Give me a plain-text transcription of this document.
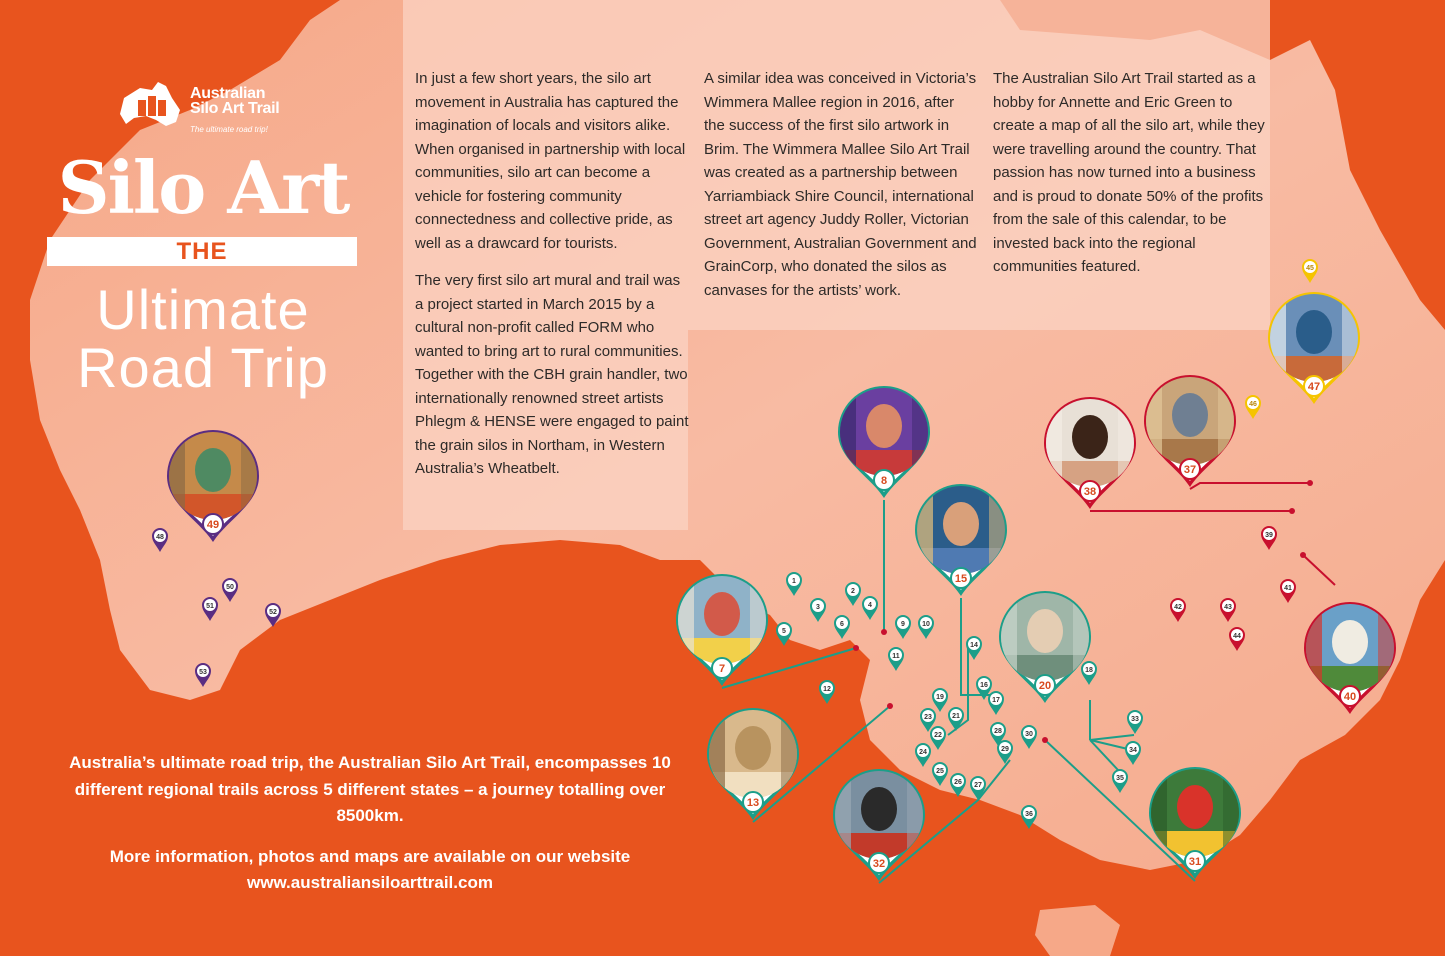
1
2
3	4
5
6	9 10
11
12
14
16
17
18
19
21
22
23
24
25
26 27
28
29
30
33
34
35
36
39
41
42	43
44
45
46
48
50
51
52
53
8
15
20
7
13
32	31
49
38
37
40
47
Australian
Silo Art Trail
The ultimate road trip!
Silo Art
THE
Ultimate
Road Trip

In just a few short years, the silo art movement in Australia has captured the imagination of locals and visitors alike. When organised in partnership with local communities, silo art can become a vehicle for fostering community connectedness and collective pride, as well as a drawcard for tourists.

The very first silo art mural and trail was a project started in March 2015 by a cultural non-profit called FORM who wanted to bring art to rural communities. Together with the CBH grain handler, two internationally renowned street artists Phlegm & HENSE were engaged to paint the grain silos in Northam, in Western Australia’s Wheatbelt.

A similar idea was conceived in Victoria’s Wimmera Mallee region in 2016, after the success of the first silo artwork in Brim. The Wimmera Mallee Silo Art Trail was created as a partnership between Yarriambiack Shire Council, international street art agency Juddy Roller, Victorian Government, Australian Government and GrainCorp, who donated the silos as canvases for the artists’ work.

The Australian Silo Art Trail started as a hobby for Annette and Eric Green to create a map of all the silo art, while they were travelling around the country. That passion has now turned into a business and is proud to donate 50% of the profits from the sale of this calendar, to be invested back into the regional communities featured.

Australia’s ultimate road trip, the Australian Silo Art Trail, encompasses 10 different regional trails across 5 different states – a journey totalling over 8500km.

More information, photos and maps are available on our website www.australiansiloarttrail.com
